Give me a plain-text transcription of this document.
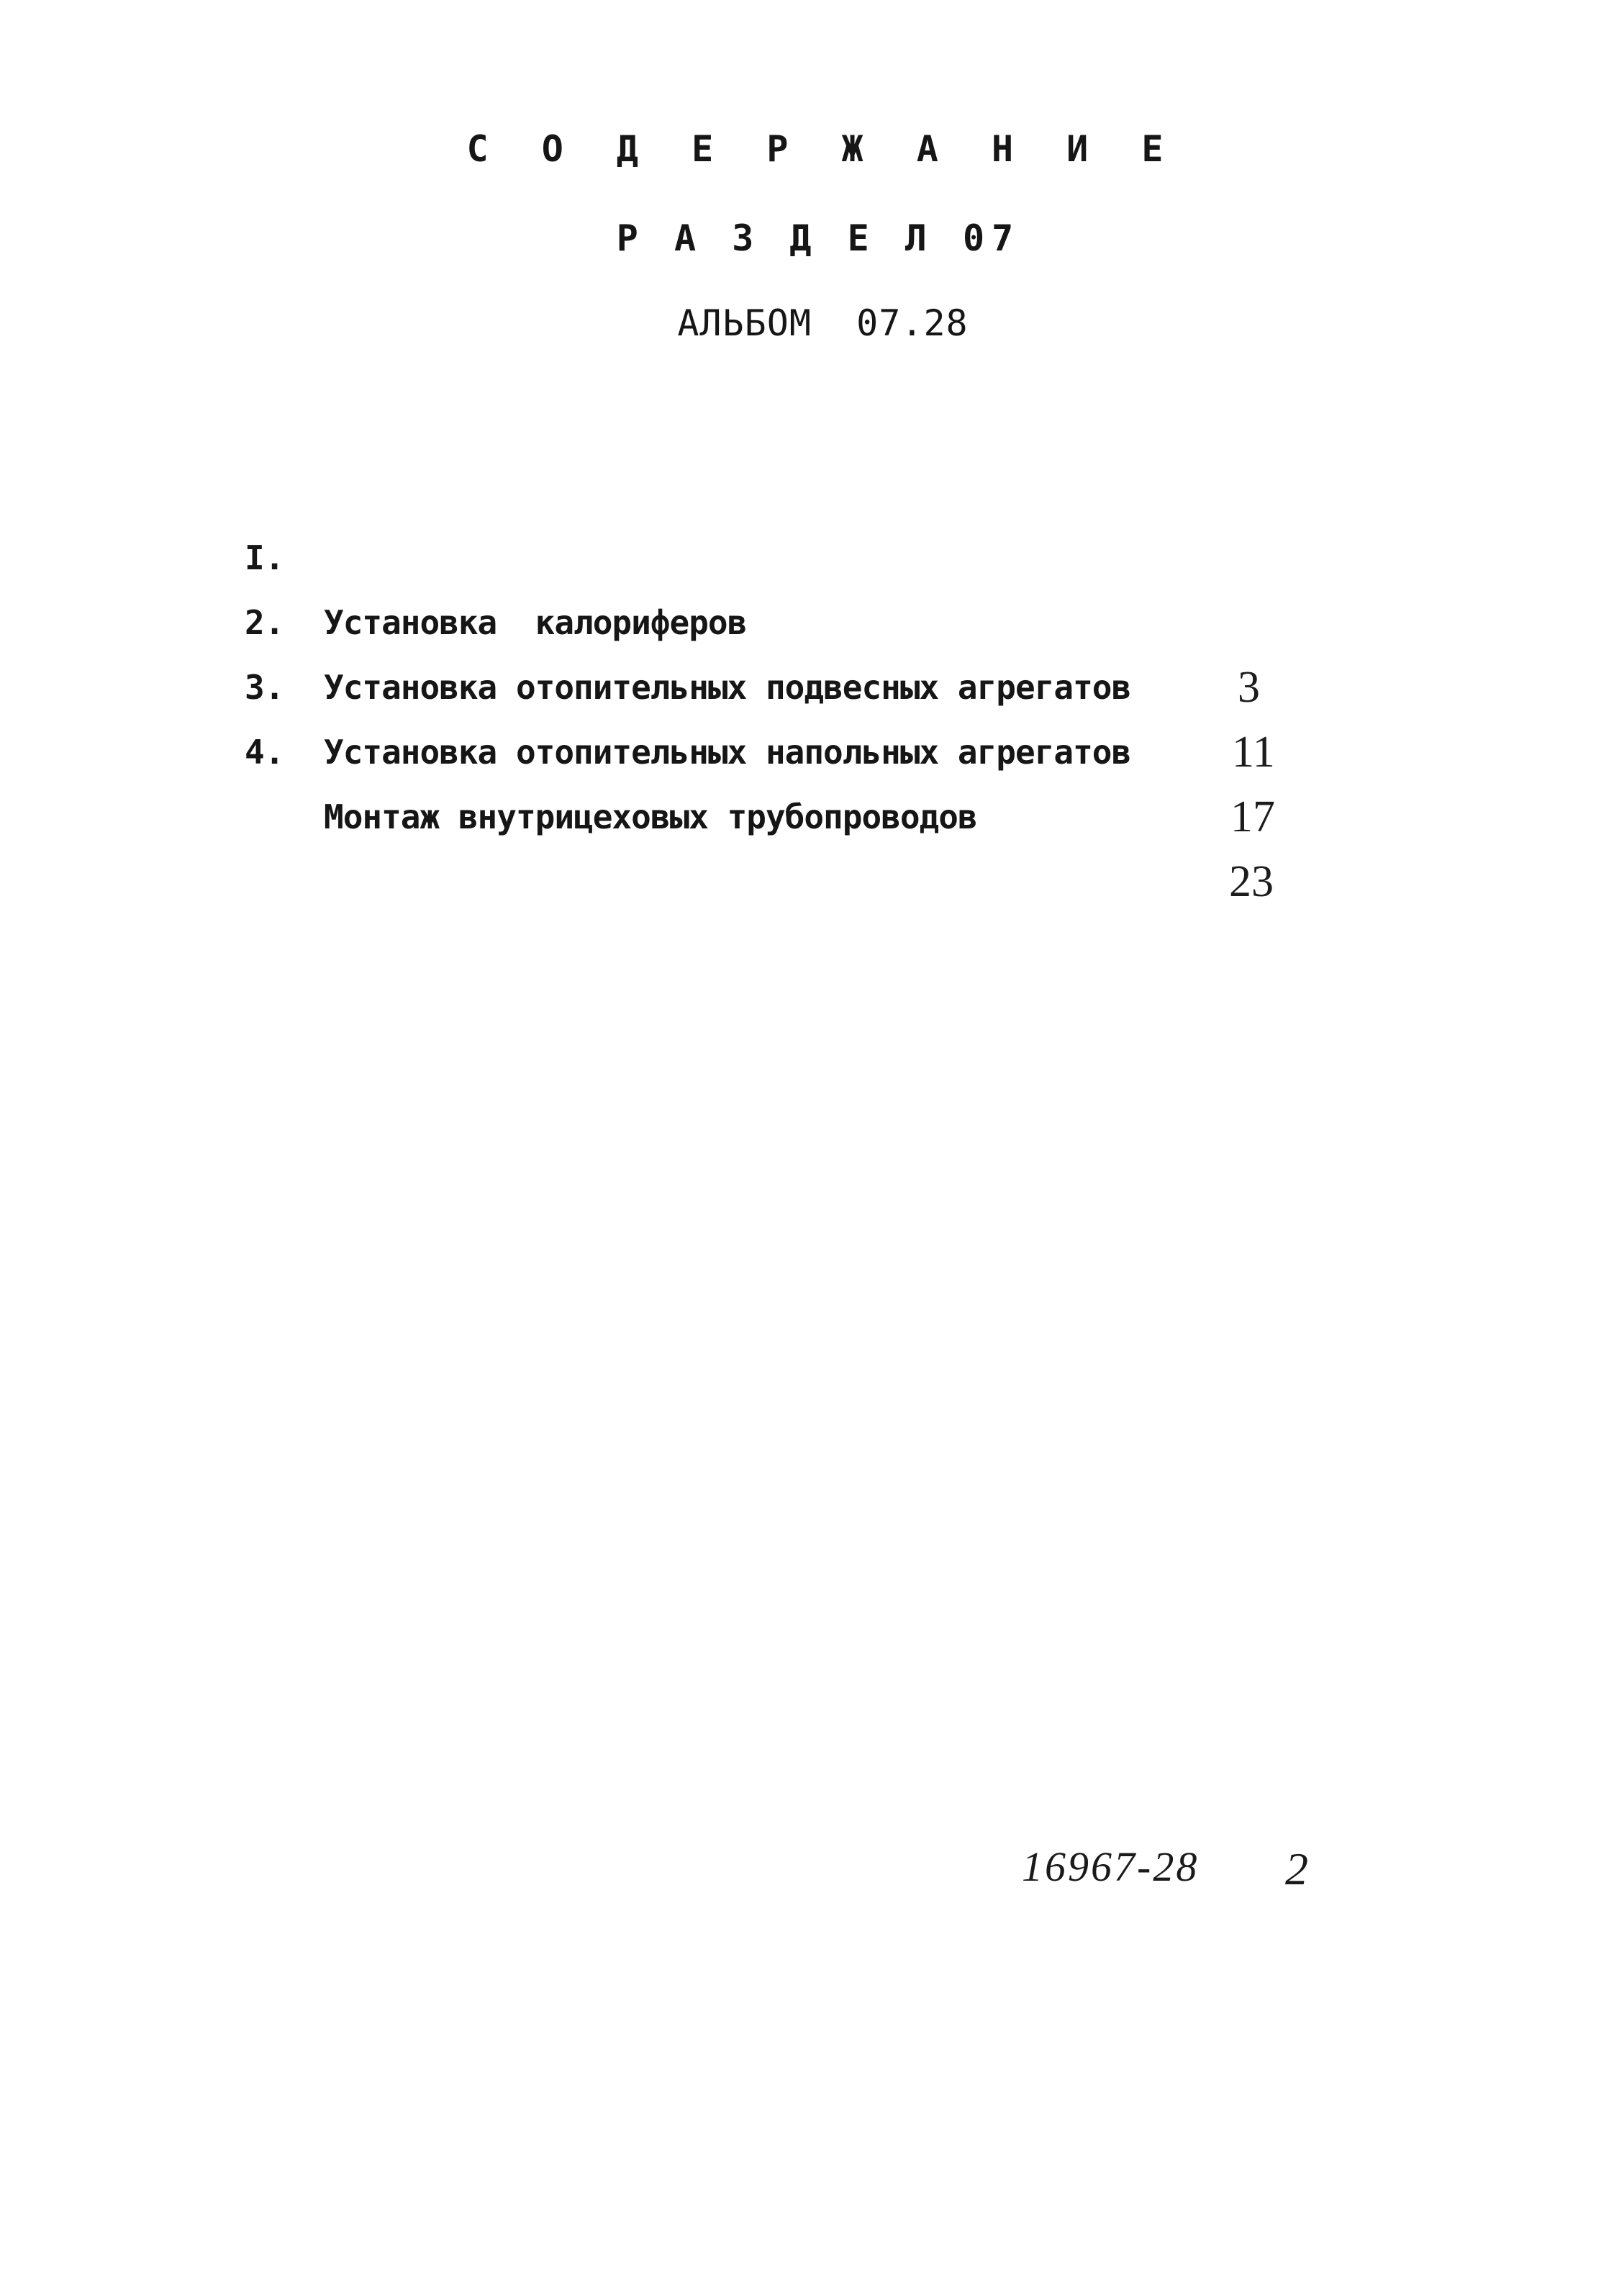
С О Д Е Р Ж А Н И Е
Р А З Д Е Л 07
АЛЬБОМ  07.28

I.

Установка  калориферов

3

2.

Установка отопительных подвесных агрегатов

11

3.

Установка отопительных напольных агрегатов

17

4.

Монтаж внутрицеховых трубопроводов

23

16967-28 2
